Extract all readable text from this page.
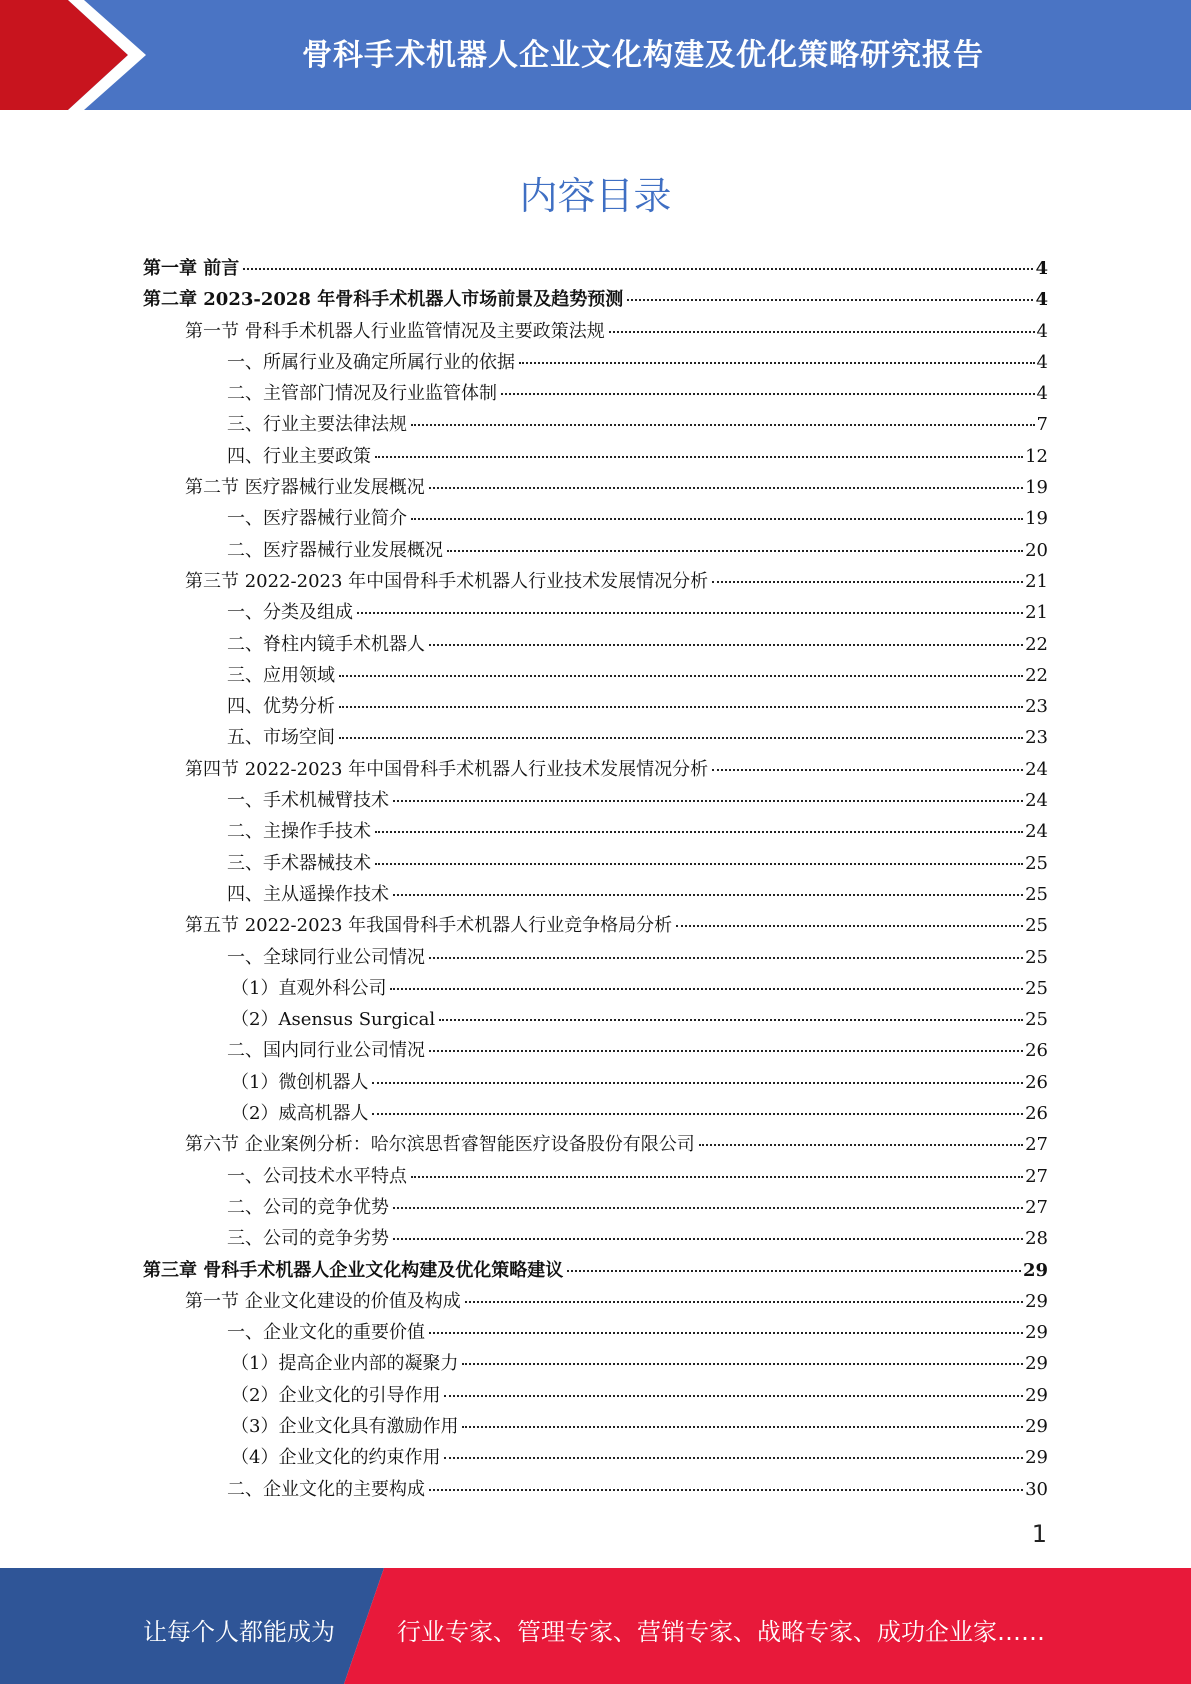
骨科手术机器人企业文化构建及优化策略研究报告
内容目录
第一章 前言	4
第二章 2023-2028 年骨科手术机器人市场前景及趋势预测	4
第一节 骨科手术机器人行业监管情况及主要政策法规	4
一、所属行业及确定所属行业的依据	4
二、主管部门情况及行业监管体制	4
三、行业主要法律法规	7
四、行业主要政策	12
第二节 医疗器械行业发展概况	19
一、医疗器械行业简介	19
二、医疗器械行业发展概况	20
第三节 2022-2023 年中国骨科手术机器人行业技术发展情况分析	21
一、分类及组成	21
二、脊柱内镜手术机器人	22
三、应用领域	22
四、优势分析	23
五、市场空间	23
第四节 2022-2023 年中国骨科手术机器人行业技术发展情况分析	24
一、手术机械臂技术	24
二、主操作手技术	24
三、手术器械技术	25
四、主从遥操作技术	25
第五节 2022-2023 年我国骨科手术机器人行业竞争格局分析	25
一、全球同行业公司情况	25
（1）直观外科公司	25
（2）Asensus Surgical	25
二、国内同行业公司情况	26
（1）微创机器人	26
（2）威高机器人	26
第六节 企业案例分析：哈尔滨思哲睿智能医疗设备股份有限公司	27
一、公司技术水平特点	27
二、公司的竞争优势	27
三、公司的竞争劣势	28
第三章 骨科手术机器人企业文化构建及优化策略建议	29
第一节 企业文化建设的价值及构成	29
一、企业文化的重要价值	29
（1）提高企业内部的凝聚力	29
（2）企业文化的引导作用	29
（3）企业文化具有激励作用	29
（4）企业文化的约束作用	29
二、企业文化的主要构成	30
1
让每个人都能成为	行业专家、管理专家、营销专家、战略专家、成功企业家……
